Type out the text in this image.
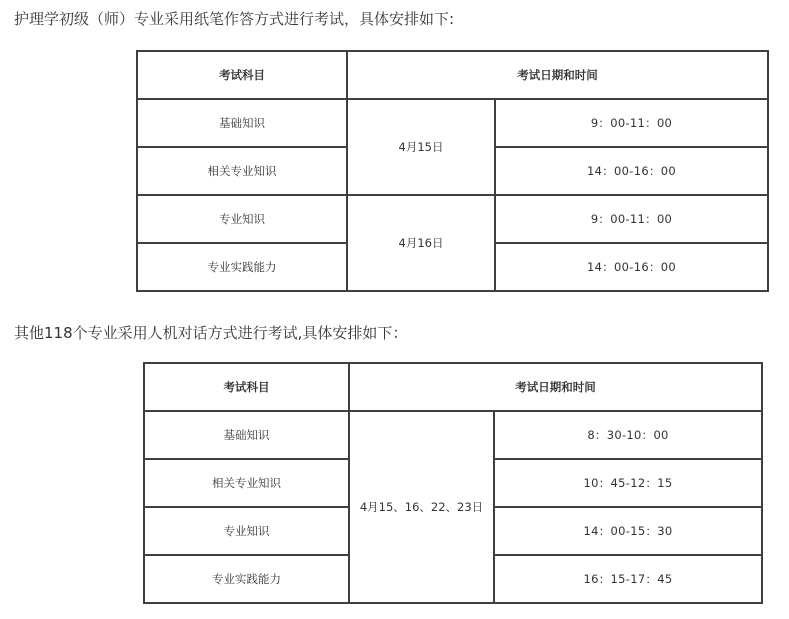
护理学初级（师）专业采用纸笔作答方式进行考试，具体安排如下:
考试科目	考试日期和时间	
基础知识	4月15日	9：00-11：00
相关专业知识		14：00-16：00
专业知识	4月16日	9：00-11：00
专业实践能力		14：00-16：00
其他118个专业采用人机对话方式进行考试,具体安排如下：
考试科目	考试日期和时间	
基础知识	4月15、16、22、23日	8：30-10：00
相关专业知识		10：45-12：15
专业知识		14：00-15：30
专业实践能力		16：15-17：45
